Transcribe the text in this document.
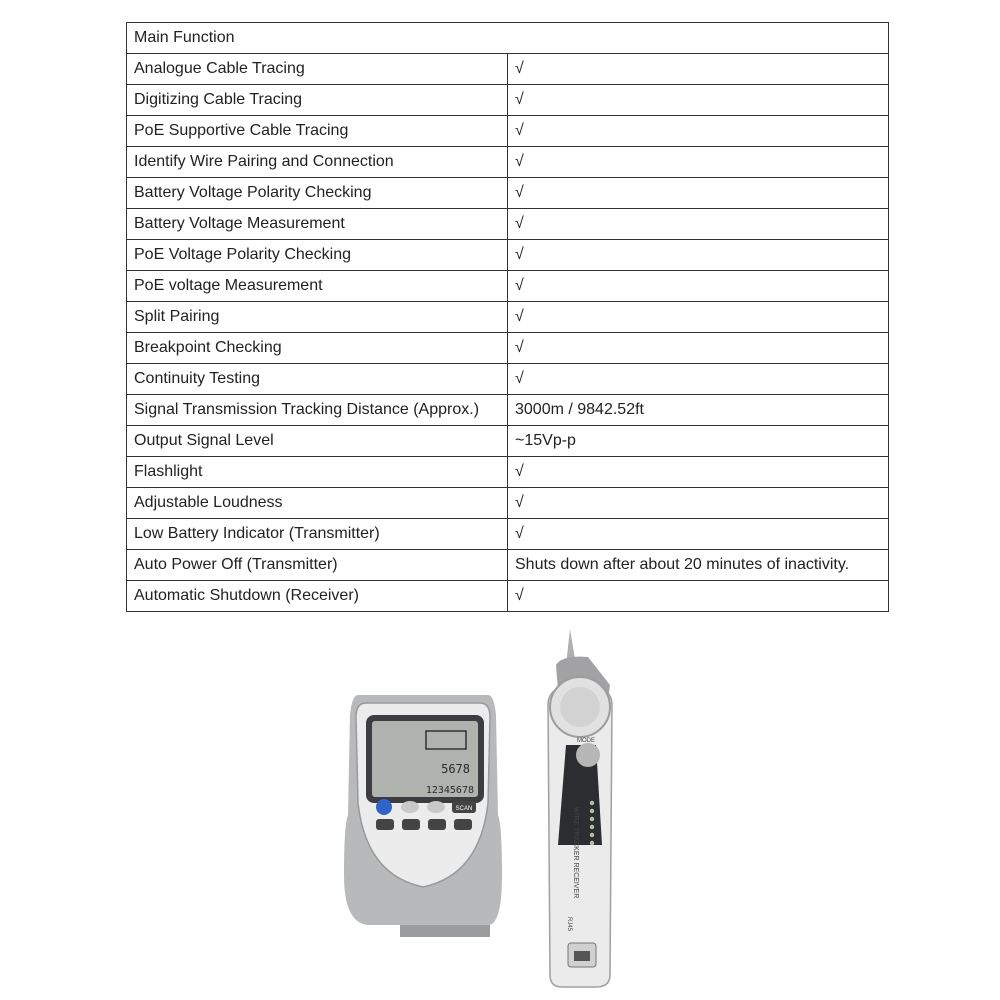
Main Function	
Analogue Cable Tracing	√
Digitizing Cable Tracing	√
PoE Supportive Cable Tracing	√
Identify Wire Pairing and Connection	√
Battery Voltage Polarity Checking	√
Battery Voltage Measurement	√
PoE Voltage Polarity Checking	√
PoE voltage Measurement	√
Split Pairing	√
Breakpoint Checking	√
Continuity Testing	√
Signal Transmission Tracking Distance (Approx.)	3000m / 9842.52ft
Output Signal Level	~15Vp-p
Flashlight	√
Adjustable Loudness	√
Low Battery Indicator (Transmitter)	√
Auto Power Off (Transmitter)	Shuts down after about 20 minutes of inactivity.
Automatic Shutdown (Receiver)	√
5678
12345678
SCAN
MODE
WIRE TRACKER RECEIVER
RJ45
